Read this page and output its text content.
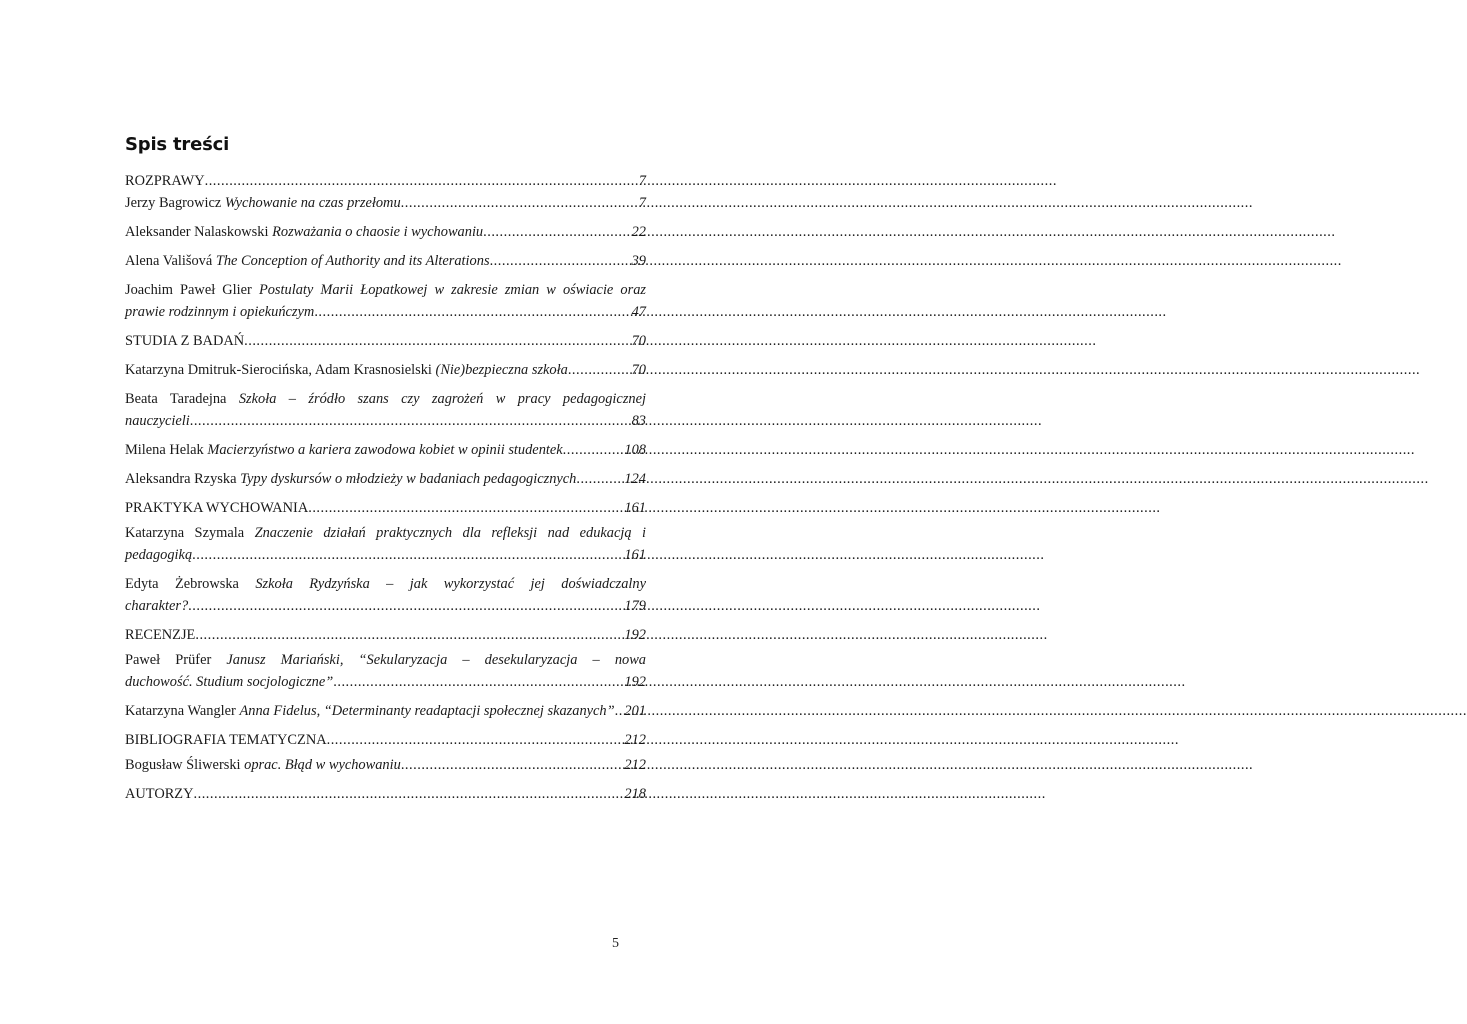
Spis treści
ROZPRAWY .....	7
Jerzy Bagrowicz Wychowanie na czas przełomu .....	7
Aleksander Nalaskowski Rozważania o chaosie i wychowaniu .....	22
Alena Vališová The Conception of Authority and its Alterations .....	39
Joachim Paweł Glier Postulaty Marii Łopatkowej w zakresie zmian w oświacie oraz
prawie rodzinnym i opiekuńczym .....	47
STUDIA Z BADAŃ .....	70
Katarzyna Dmitruk-Sierocińska, Adam Krasnosielski (Nie)bezpieczna szkoła .....	70
Beata Taradejna Szkoła – źródło szans czy zagrożeń w pracy pedagogicznej
nauczycieli .....	83
Milena Helak Macierzyństwo a kariera zawodowa kobiet w opinii studentek .....	108
Aleksandra Rzyska Typy dyskursów o młodzieży w badaniach pedagogicznych .....	124
PRAKTYKA WYCHOWANIA .....	161
Katarzyna Szymala Znaczenie działań praktycznych dla refleksji nad edukacją i
pedagogiką .....	161
Edyta Żebrowska Szkoła Rydzyńska – jak wykorzystać jej doświadczalny
charakter? .....	179
RECENZJE .....	192
Paweł Prüfer Janusz Mariański, “Sekularyzacja – desekularyzacja – nowa
duchowość. Studium socjologiczne” .....	192
Katarzyna Wangler Anna Fidelus, “Determinanty readaptacji społecznej skazanych” ..... 201
BIBLIOGRAFIA TEMATYCZNA .....	212
Bogusław Śliwerski oprac. Błąd w wychowaniu .....	212
AUTORZY .....	218
5
